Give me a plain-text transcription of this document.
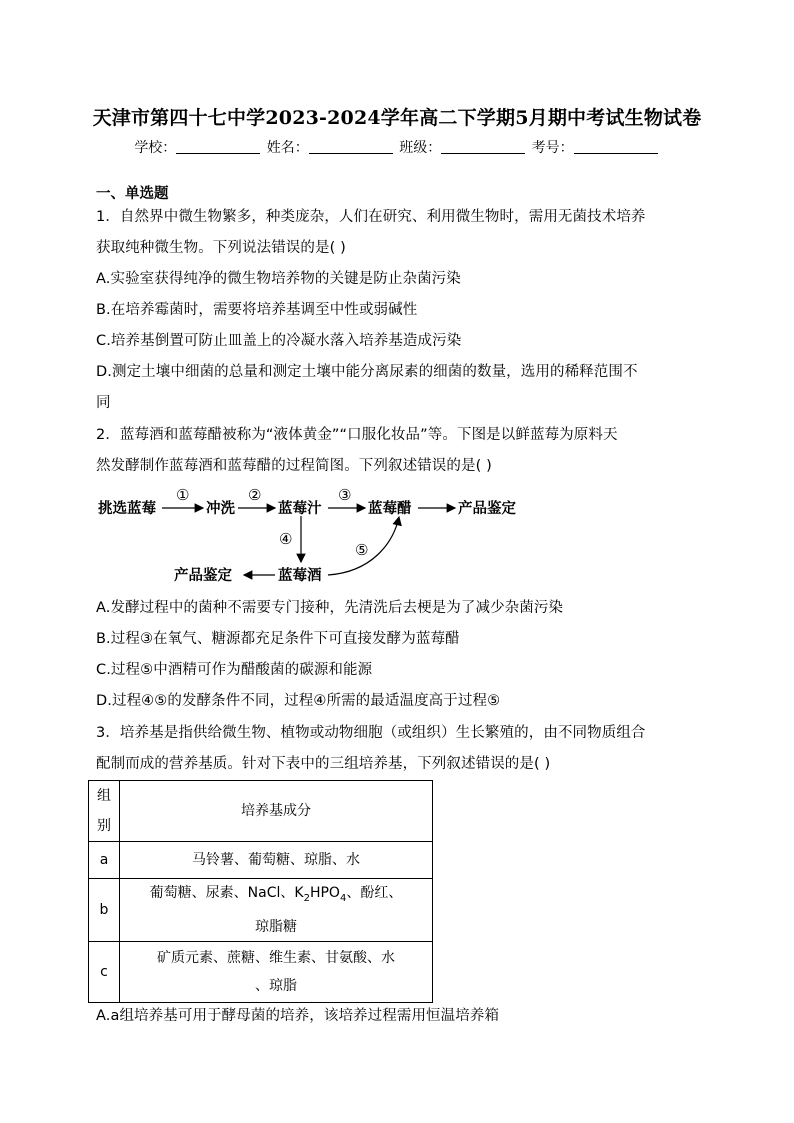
天津市第四十七中学2023-2024学年高二下学期5月期中考试生物试卷
学校：	姓名：	班级：	考号：
一、单选题
1．自然界中微生物繁多，种类庞杂，人们在研究、利用微生物时，需用无菌技术培养
获取纯种微生物。下列说法错误的是( )
A.实验室获得纯净的微生物培养物的关键是防止杂菌污染
B.在培养霉菌时，需要将培养基调至中性或弱碱性
C.培养基倒置可防止皿盖上的冷凝水落入培养基造成污染
D.测定土壤中细菌的总量和测定土壤中能分离尿素的细菌的数量，选用的稀释范围不
同
2．蓝莓酒和蓝莓醋被称为“液体黄金”“口服化妆品”等。下图是以鲜蓝莓为原料天
然发酵制作蓝莓酒和蓝莓醋的过程简图。下列叙述错误的是( )
挑选蓝莓	冲洗	蓝莓汁	蓝莓醋	产品鉴定
蓝莓酒
产品鉴定
①	②	③
④
⑤
A.发酵过程中的菌种不需要专门接种，先清洗后去梗是为了减少杂菌污染
B.过程③在氧气、糖源都充足条件下可直接发酵为蓝莓醋
C.过程⑤中酒精可作为醋酸菌的碳源和能源
D.过程④⑤的发酵条件不同，过程④所需的最适温度高于过程⑤
3．培养基是指供给微生物、植物或动物细胞（或组织）生长繁殖的，由不同物质组合
配制而成的营养基质。针对下表中的三组培养基，下列叙述错误的是( )
组别	培养基成分
a	马铃薯、葡萄糖、琼脂、水
b	葡萄糖、尿素、NaCl、$K_2HPO_4$、酚红、
琼脂糖
c	矿质元素、蔗糖、维生素、甘氨酸、水
、琼脂
A.a组培养基可用于酵母菌的培养，该培养过程需用恒温培养箱
